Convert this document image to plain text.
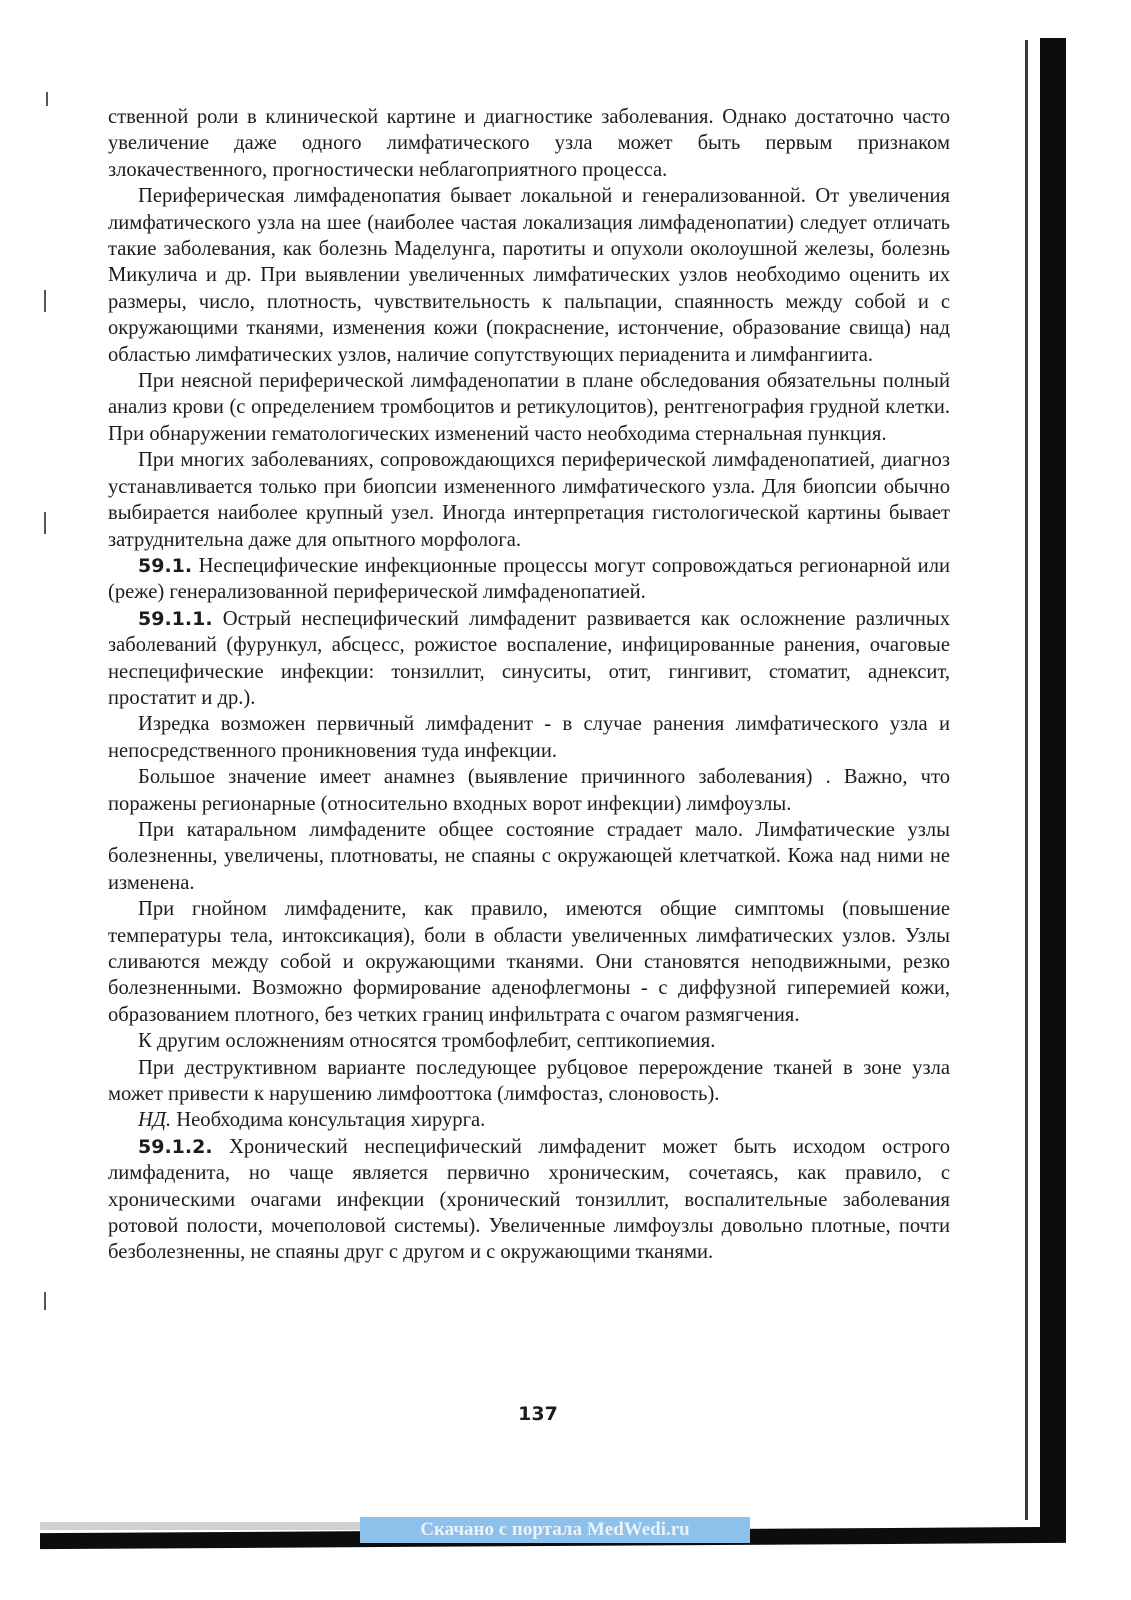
ственной роли в клинической картине и диагностике заболевания. Однако достаточно часто увеличение даже одного лимфатического узла может быть первым признаком злокачественного, прогностически неблагоприятного процесса.

Периферическая лимфаденопатия бывает локальной и генерализованной. От увеличения лимфатического узла на шее (наиболее частая локализация лимфаденопатии) следует отличать такие заболевания, как болезнь Маделунга, паротиты и опухоли околоушной железы, болезнь Микулича и др. При выявлении увеличенных лимфатических узлов необходимо оценить их размеры, число, плотность, чувствительность к пальпации, спаянность между собой и с окружающими тканями, изменения кожи (покраснение, истончение, образование свища) над областью лимфатических узлов, наличие сопутствующих периаденита и лимфангиита.

При неясной периферической лимфаденопатии в плане обследования обязательны полный анализ крови (с определением тромбоцитов и ретикулоцитов), рентгенография грудной клетки. При обнаружении гематологических изменений часто необходима стернальная пункция.

При многих заболеваниях, сопровождающихся периферической лимфаденопатией, диагноз устанавливается только при биопсии измененного лимфатического узла. Для биопсии обычно выбирается наиболее крупный узел. Иногда интерпретация гистологической картины бывает затруднительна даже для опытного морфолога.

59.1. Неспецифические инфекционные процессы могут сопровождаться регионарной или (реже) генерализованной периферической лимфаденопатией.

59.1.1. Острый неспецифический лимфаденит развивается как осложнение различных заболеваний (фурункул, абсцесс, рожистое воспаление, инфицированные ранения, очаговые неспецифические инфекции: тонзиллит, синуситы, отит, гингивит, стоматит, аднексит, простатит и др.).

Изредка возможен первичный лимфаденит - в случае ранения лимфатического узла и непосредственного проникновения туда инфекции.

Большое значение имеет анамнез (выявление причинного заболевания) . Важно, что поражены регионарные (относительно входных ворот инфекции) лимфоузлы.

При катаральном лимфадените общее состояние страдает мало. Лимфатические узлы болезненны, увеличены, плотноваты, не спаяны с окружающей клетчаткой. Кожа над ними не изменена.

При гнойном лимфадените, как правило, имеются общие симптомы (повышение температуры тела, интоксикация), боли в области увеличенных лимфатических узлов. Узлы сливаются между собой и окружающими тканями. Они становятся неподвижными, резко болезненными. Возможно формирование аденофлегмоны - с диффузной гиперемией кожи, образованием плотного, без четких границ инфильтрата с очагом размягчения.

К другим осложнениям относятся тромбофлебит, септикопиемия.

При деструктивном варианте последующее рубцовое перерождение тканей в зоне узла может привести к нарушению лимфооттока (лимфостаз, слоновость).

НД. Необходима консультация хирурга.

59.1.2. Хронический неспецифический лимфаденит может быть исходом острого лимфаденита, но чаще является первично хроническим, сочетаясь, как правило, с хроническими очагами инфекции (хронический тонзиллит, воспалительные заболевания ротовой полости, мочеполовой системы). Увеличенные лимфоузлы довольно плотные, почти безболезненны, не спаяны друг с другом и с окружающими тканями.

137
Скачано с портала MedWedi.ru
